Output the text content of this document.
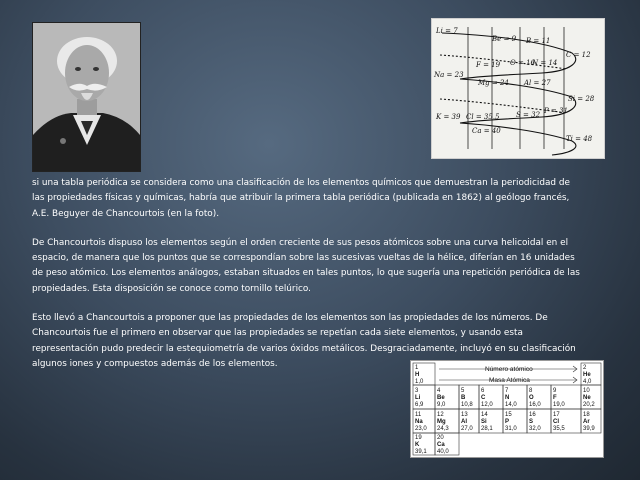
Li = 7
Be = 9 B = 11
C = 12
F = 19 O = 16
N = 14
Na = 23
Mg = 24 Al = 27
Si = 28
P = 31
S = 32
K = 39 Cl = 35.5
Ca = 40
Ti = 48

si una tabla periódica se considera como una clasificación de los elementos químicos que demuestran la periodicidad de las propiedades físicas y químicas, habría que atribuir la primera tabla periódica (publicada en 1862) al geólogo francés, A.E. Beguyer de Chancourtois (en la foto).

De Chancourtois dispuso los elementos según el orden creciente de sus pesos atómicos sobre una curva helicoidal en el espacio, de manera que los puntos que se correspondían sobre las sucesivas vueltas de la hélice, diferían en 16 unidades de peso atómico. Los elementos análogos, estaban situados en tales puntos, lo que sugería una repetición periódica de las propiedades. Esta disposición se conoce como tornillo telúrico.

Esto llevó a Chancourtois a proponer que las propiedades de los elementos son las propiedades de los números. De Chancourtois fue el primero en observar que las propiedades se repetían cada siete elementos, y usando esta representación pudo predecir la estequiometría de varios óxidos metálicos. Desgraciadamente, incluyó en su clasificación algunos iones y compuestos además de los elementos.

Número atómico
Masa Atómica
1
H
1,0
2
He
4,0
3
Li
6,9
4
Be
9,0
5
B
10,8
6
C
12,0
7
N
14,0
8
O
16,0
9
F
19,0
10
Ne
20,2
11
Na
23,0
12
Mg
24,3
13
Al
27,0
14
Si
28,1
15
P
31,0
16
S
32,0
17
Cl
35,5
18
Ar
39,9
19
K
39,1
20
Ca
40,0
